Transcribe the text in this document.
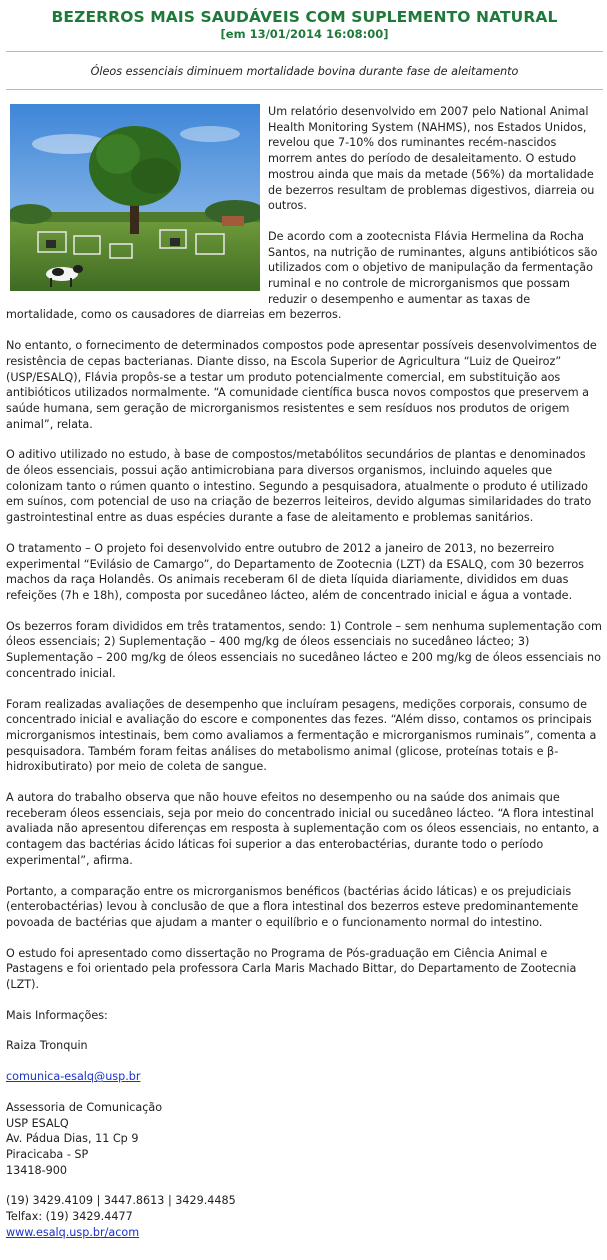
BEZERROS MAIS SAUDÁVEIS COM SUPLEMENTO NATURAL
[em 13/01/2014 16:08:00]
Óleos essenciais diminuem mortalidade bovina durante fase de aleitamento

Um relatório desenvolvido em 2007 pelo National Animal Health Monitoring System (NAHMS), nos Estados Unidos, revelou que 7-10% dos ruminantes recém-nascidos morrem antes do período de desaleitamento. O estudo mostrou ainda que mais da metade (56%) da mortalidade de bezerros resultam de problemas digestivos, diarreia ou outros.

De acordo com a zootecnista Flávia Hermelina da Rocha Santos, na nutrição de ruminantes, alguns antibióticos são utilizados com o objetivo de manipulação da fermentação ruminal e no controle de microrganismos que possam reduzir o desempenho e aumentar as taxas de mortalidade, como os causadores de diarreias em bezerros.

No entanto, o fornecimento de determinados compostos pode apresentar possíveis desenvolvimentos de resistência de cepas bacterianas. Diante disso, na Escola Superior de Agricultura “Luiz de Queiroz” (USP/ESALQ), Flávia propôs-se a testar um produto potencialmente comercial, em substituição aos antibióticos utilizados normalmente. “A comunidade científica busca novos compostos que preservem a saúde humana, sem geração de microrganismos resistentes e sem resíduos nos produtos de origem animal”, relata.

O aditivo utilizado no estudo, à base de compostos/metabólitos secundários de plantas e denominados de óleos essenciais, possui ação antimicrobiana para diversos organismos, incluindo aqueles que colonizam tanto o rúmen quanto o intestino. Segundo a pesquisadora, atualmente o produto é utilizado em suínos, com potencial de uso na criação de bezerros leiteiros, devido algumas similaridades do trato gastrointestinal entre as duas espécies durante a fase de aleitamento e problemas sanitários.

O tratamento – O projeto foi desenvolvido entre outubro de 2012 a janeiro de 2013, no bezerreiro experimental “Evilásio de Camargo”, do Departamento de Zootecnia (LZT) da ESALQ, com 30 bezerros machos da raça Holandês. Os animais receberam 6l de dieta líquida diariamente, divididos em duas refeições (7h e 18h), composta por sucedâneo lácteo, além de concentrado inicial e água a vontade.

Os bezerros foram divididos em três tratamentos, sendo: 1) Controle – sem nenhuma suplementação com óleos essenciais; 2) Suplementação – 400 mg/kg de óleos essenciais no sucedâneo lácteo; 3) Suplementação – 200 mg/kg de óleos essenciais no sucedâneo lácteo e 200 mg/kg de óleos essenciais no concentrado inicial.

Foram realizadas avaliações de desempenho que incluíram pesagens, medições corporais, consumo de concentrado inicial e avaliação do escore e componentes das fezes. “Além disso, contamos os principais microrganismos intestinais, bem como avaliamos a fermentação e microrganismos ruminais”, comenta a pesquisadora. Também foram feitas análises do metabolismo animal (glicose, proteínas totais e β-hidroxibutirato) por meio de coleta de sangue.

A autora do trabalho observa que não houve efeitos no desempenho ou na saúde dos animais que receberam óleos essenciais, seja por meio do concentrado inicial ou sucedâneo lácteo. “A flora intestinal avaliada não apresentou diferenças em resposta à suplementação com os óleos essenciais, no entanto, a contagem das bactérias ácido láticas foi superior a das enterobactérias, durante todo o período experimental”, afirma.

Portanto, a comparação entre os microrganismos benéficos (bactérias ácido láticas) e os prejudiciais (enterobactérias) levou à conclusão de que a flora intestinal dos bezerros esteve predominantemente povoada de bactérias que ajudam a manter o equilíbrio e o funcionamento normal do intestino.

O estudo foi apresentado como dissertação no Programa de Pós-graduação em Ciência Animal e Pastagens e foi orientado pela professora Carla Maris Machado Bittar, do Departamento de Zootecnia (LZT).

Mais Informações:

Raiza Tronquin

comunica-esalq@usp.br

Assessoria de Comunicação
USP ESALQ
Av. Pádua Dias, 11 Cp 9
Piracicaba - SP
13418-900

(19) 3429.4109 | 3447.8613 | 3429.4485
Telfax: (19) 3429.4477
www.esalq.usp.br/acom
